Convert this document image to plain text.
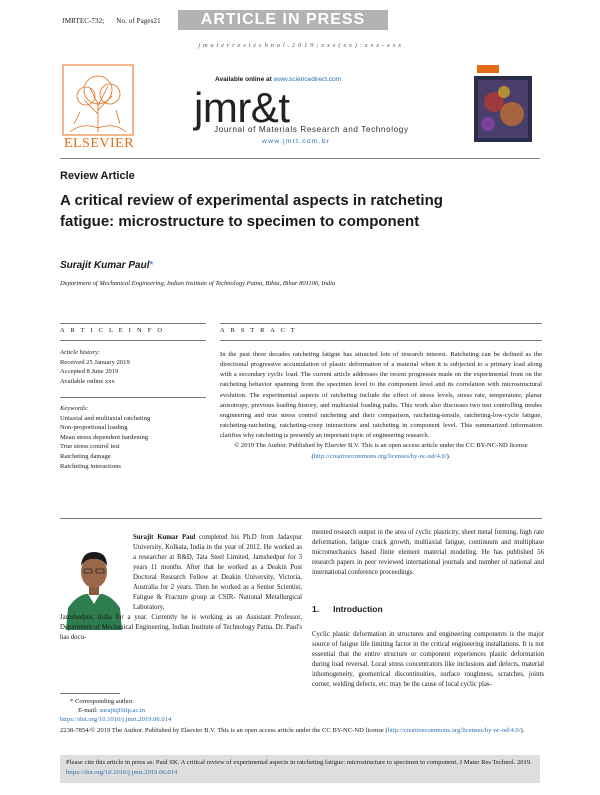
JMRTEC-732; No. of Pages21	ARTICLE IN PRESS
j m a t e r r e s t e c h n o l . 2 0 1 9 ; x x x ( x x ) : x x x - x x x
ELSEVIER
Available online at www.sciencedirect.com
jmr&t
Journal of Materials Research and Technology
www.jmrt.com.br
Review Article
A critical review of experimental aspects in ratcheting fatigue: microstructure to specimen to component
Surajit Kumar Paul*
Department of Mechanical Engineering, Indian Institute of Technology Patna, Bihta, Bihar 801106, India
A R T I C L E I N F O	A B S T R A C T
Article history:
Received 25 January 2019
Accepted 8 June 2019
Available online xxx
Keywords:
Uniaxial and multiaxial ratcheting
Non-proportional loading
Mean stress dependent hardening
True stress control test
Ratcheting damage
Ratcheting interactions
In the past three decades ratcheting fatigue has attracted lots of research interest. Ratcheting can be defined as the directional progressive accumulation of plastic deformation of a material when it is subjected to a primary load along with a secondary cyclic load. The current article addresses the recent progresses made on the experimental front on the ratcheting behavior spanning from the specimen level to the component level and its correlation with microstructural evolution. The experimental aspects of ratcheting include the effect of stress levels, stress rate, temperature, planar anisotropy, previous loading history, and multiaxial loading paths. This work also discusses two test controlling modes engineering and true stress control ratcheting and their comparison, ratcheting-tensile, ratcheting-low-cycle fatigue, ratcheting-ratcheting, ratcheting-creep interactions and ratcheting in component level. This summarized information clarifies why ratcheting is presently an important topic of engineering research.
© 2019 The Author. Published by Elsevier B.V. This is an open access article under the CC BY-NC-ND license (http://creativecommons.org/licenses/by-nc-nd/4.0/).
Surajit Kumar Paul completed his Ph.D from Jadavpur University, Kolkata, India in the year of 2012. He worked as a researcher at R&D, Tata Steel Limited, Jamshedpur for 3 years 11 months. After that he worked as a Deakin Post Doctoral Research Fellow at Deakin University, Victoria, Australia for 2 years. Then he worked as a Senior Scientist, Fatigue & Fracture group at CSIR- National Metallurgical Laboratory,
Jamshedpur, India for a year. Currently he is working as an Assistant Professor, Department of Mechanical Engineering, Indian Institute of Technology Patna. Dr. Paul's has docu-
mented research output in the area of cyclic plasticity, sheet metal forming, high rate deformation, fatigue crack growth, multiaxial fatigue, continuum and multiphase micromechanics based finite element material modeling. He has published 56 research papers in peer reviewed international journals and number of national and international conference proceedings.
1. Introduction
Cyclic plastic deformation in structures and engineering components is the major source of fatigue life limiting factor in the critical engineering installations. It is not essential that the entire structure or component experiences plastic deformation during load reversal. Local stress concentrators like inclusions and defects, material inhomogeneity, geometrical discontinuities, surface roughness, scratches, joints corner, welding defects, etc. may be the cause of local cyclic plas-
* Corresponding author.
E-mail: surajit@iitp.ac.in
https://doi.org/10.1016/j.jmrt.2019.06.014
2238-7854/© 2019 The Author. Published by Elsevier B.V. This is an open access article under the CC BY-NC-ND license (http://creativecommons.org/licenses/by-nc-nd/4.0/).
Please cite this article in press as: Paul SK. A critical review of experimental aspects in ratcheting fatigue: microstructure to specimen to component. J Mater Res Technol. 2019. https://doi.org/10.1016/j.jmrt.2019.06.014
